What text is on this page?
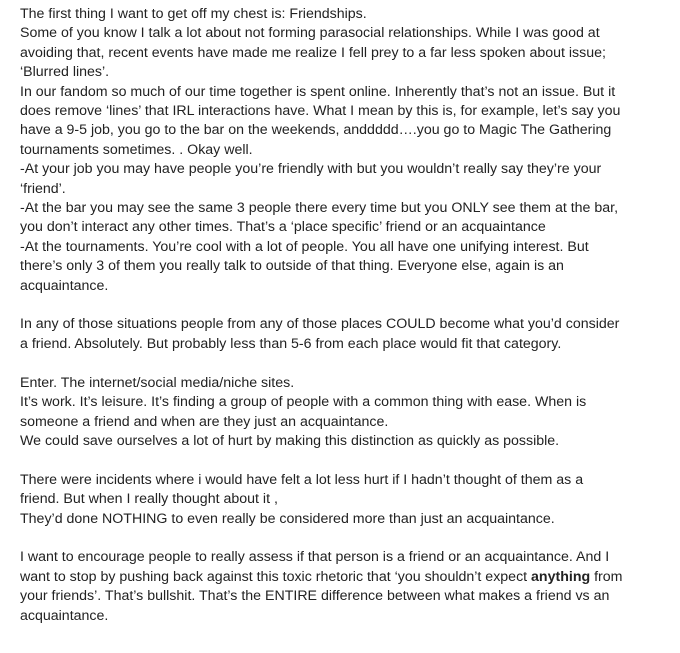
The first thing I want to get off my chest is: Friendships.
Some of you know I talk a lot about not forming parasocial relationships. While I was good at
avoiding that, recent events have made me realize I fell prey to a far less spoken about issue;
‘Blurred lines’.
In our fandom so much of our time together is spent online. Inherently that’s not an issue. But it
does remove ‘lines’ that IRL interactions have. What I mean by this is, for example, let’s say you
have a 9-5 job, you go to the bar on the weekends, anddddd….you go to Magic The Gathering
tournaments sometimes. . Okay well.
-At your job you may have people you’re friendly with but you wouldn’t really say they’re your
‘friend’.
-At the bar you may see the same 3 people there every time but you ONLY see them at the bar,
you don’t interact any other times. That’s a ‘place specific’ friend or an acquaintance
-At the tournaments. You’re cool with a lot of people. You all have one unifying interest. But
there’s only 3 of them you really talk to outside of that thing. Everyone else, again is an
acquaintance.
In any of those situations people from any of those places COULD become what you’d consider
a friend. Absolutely. But probably less than 5-6 from each place would fit that category.
Enter. The internet/social media/niche sites.
It’s work. It’s leisure. It’s finding a group of people with a common thing with ease. When is
someone a friend and when are they just an acquaintance.
We could save ourselves a lot of hurt by making this distinction as quickly as possible.
There were incidents where i would have felt a lot less hurt if I hadn’t thought of them as a
friend. But when I really thought about it ,
They’d done NOTHING to even really be considered more than just an acquaintance.
I want to encourage people to really assess if that person is a friend or an acquaintance. And I
want to stop by pushing back against this toxic rhetoric that ‘you shouldn’t expect anything from
your friends’. That’s bullshit. That’s the ENTIRE difference between what makes a friend vs an
acquaintance.
